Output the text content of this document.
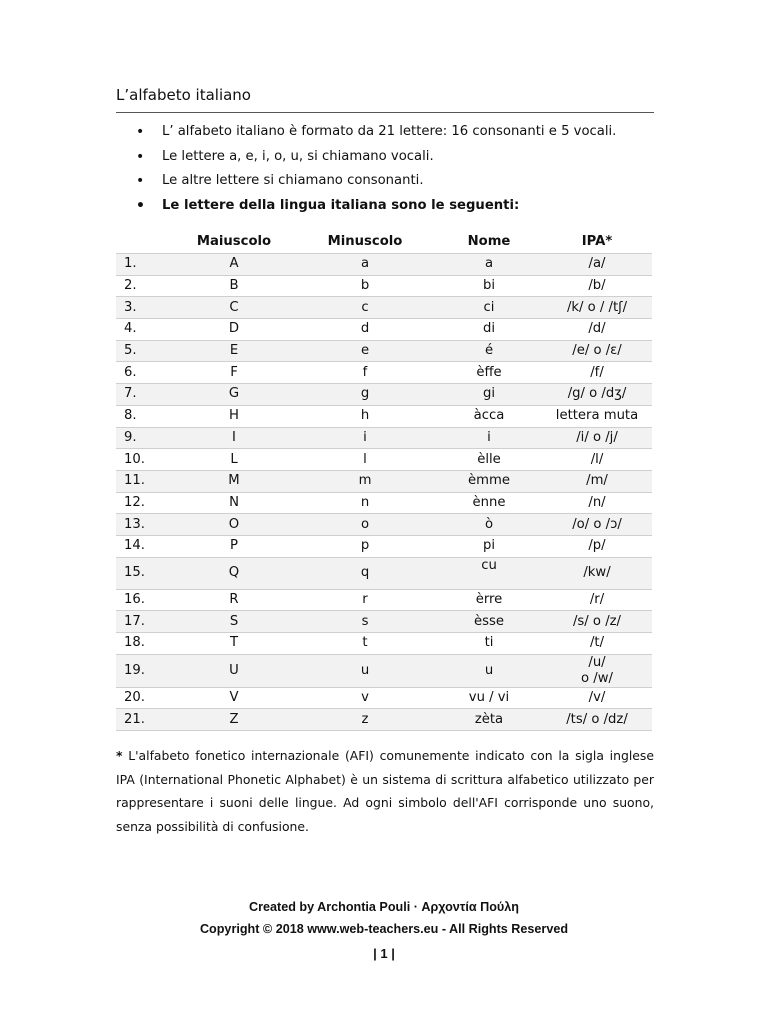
L’alfabeto italiano
• L’ alfabeto italiano è formato da 21 lettere: 16 consonanti e 5 vocali.
• Le lettere a, e, i, o, u, si chiamano vocali.
• Le altre lettere si chiamano consonanti.
• Le lettere della lingua italiana sono le seguenti:
	Maiuscolo	Minuscolo	Nome	IPA*
1.	A	a	a	/a/
2.	B	b	bi	/b/
3.	C	c	ci	/k/ o / /tʃ/
4.	D	d	di	/d/
5.	E	e	é	/e/ o /ɛ/
6.	F	f	èffe	/f/
7.	G	g	gi	/g/ o /dʒ/
8.	H	h	àcca	lettera muta
9.	I	i	i	/i/ o /j/
10.	L	l	èlle	/l/
11.	M	m	èmme	/m/
12.	N	n	ènne	/n/
13.	O	o	ò	/o/ o /ɔ/
14.	P	p	pi	/p/
15.	Q	q	cu	/kw/
16.	R	r	èrre	/r/
17.	S	s	èsse	/s/ o /z/
18.	T	t	ti	/t/
19.	U	u	u	/u/
o /w/

20.	V	v	vu / vi	/v/
21.	Z	z	zèta	/ts/ o /dz/
* L'alfabeto fonetico internazionale (AFI) comunemente indicato con la sigla inglese IPA (International Phonetic Alphabet) è un sistema di scrittura alfabetico utilizzato per rappresentare i suoni delle lingue. Ad ogni simbolo dell'AFI corrisponde uno suono, senza possibilità di confusione.
Created by Archontia Pouli · Αρχοντία Πούλη
Copyright © 2018 www.web-teachers.eu - All Rights Reserved
| 1 |
